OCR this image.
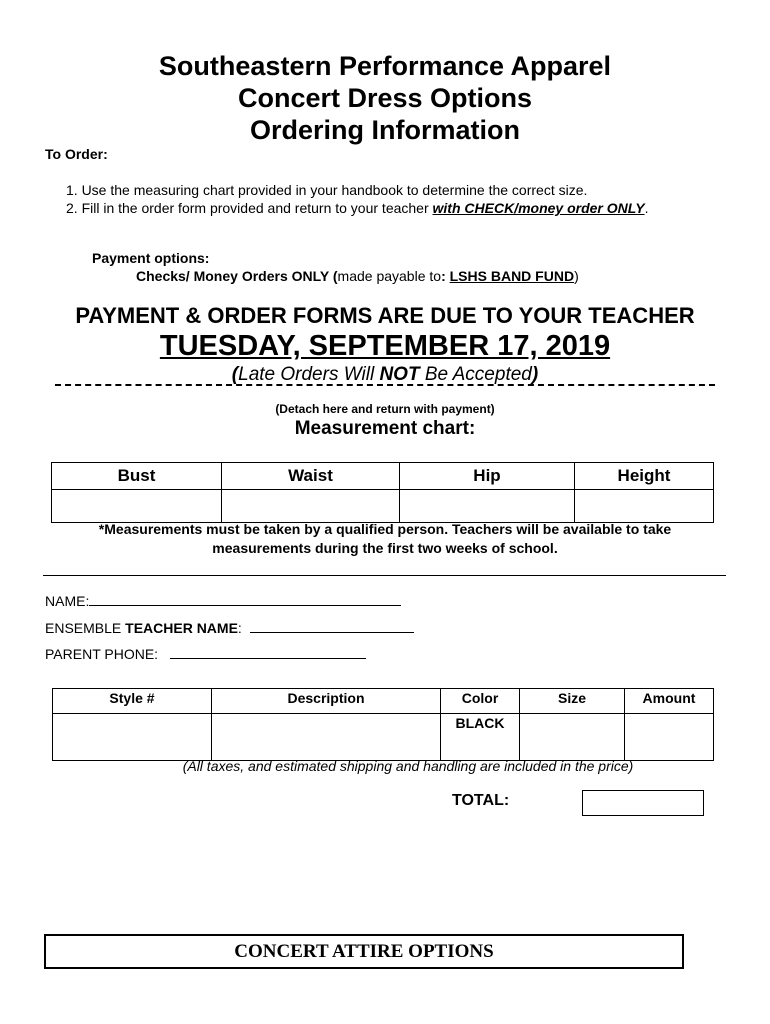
Southeastern Performance Apparel
Concert Dress Options
Ordering Information
To Order:
1. Use the measuring chart provided in your handbook to determine the correct size.
2. Fill in the order form provided and return to your teacher with CHECK/money order ONLY.
Payment options:
Checks/ Money Orders ONLY (made payable to: LSHS BAND FUND)
PAYMENT & ORDER FORMS ARE DUE TO YOUR TEACHER
TUESDAY, SEPTEMBER 17, 2019
(Late Orders Will NOT Be Accepted)
(Detach here and return with payment)
Measurement chart:
Bust	Waist	Hip	Height

*Measurements must be taken by a qualified person. Teachers will be available to take
measurements during the first two weeks of school.
NAME:
ENSEMBLE TEACHER NAME:
PARENT PHONE:
Style #	Description	Color	Size	Amount
		BLACK		
(All taxes, and estimated shipping and handling are included in the price)
TOTAL:
CONCERT ATTIRE OPTIONS
